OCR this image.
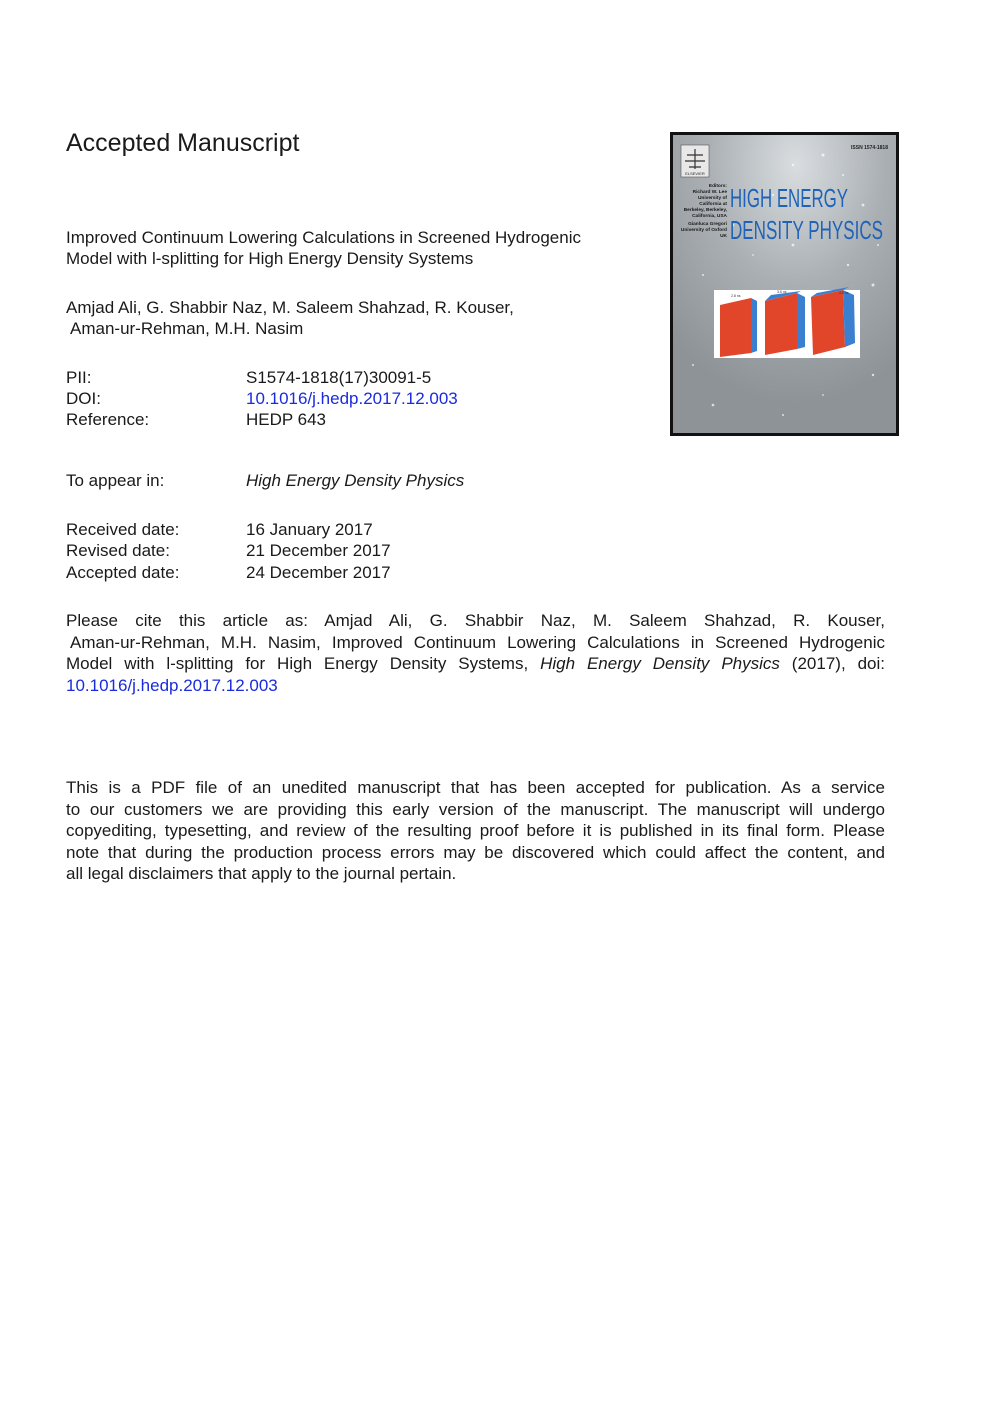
Accepted Manuscript
Improved Continuum Lowering Calculations in Screened Hydrogenic
Model with l-splitting for High Energy Density Systems
Amjad Ali, G. Shabbir Naz, M. Saleem Shahzad, R. Kouser,
Aman-ur-Rehman, M.H. Nasim
PII:	S1574-1818(17)30091-5
DOI:	10.1016/j.hedp.2017.12.003
Reference:	HEDP 643
To appear in:	High Energy Density Physics
Received date:	16 January 2017
Revised date:	21 December 2017
Accepted date:	24 December 2017
Please cite this article as: Amjad Ali, G. Shabbir Naz, M. Saleem Shahzad, R. Kouser,
Aman-ur-Rehman, M.H. Nasim, Improved Continuum Lowering Calculations in Screened Hydrogenic
Model with l-splitting for High Energy Density Systems, High Energy Density Physics (2017), doi:
10.1016/j.hedp.2017.12.003
This is a PDF file of an unedited manuscript that has been accepted for publication. As a service
to our customers we are providing this early version of the manuscript. The manuscript will undergo
copyediting, typesetting, and review of the resulting proof before it is published in its final form. Please
note that during the production process errors may be discovered which could affect the content, and
all legal disclaimers that apply to the journal pertain.
ELSEVIER
ISSN 1574-1818
Editors:
Richard W. Lee
University of
California at
Berkeley, Berkeley,
California, USA
Gianluca Gregori
University of Oxford
UK
HIGH ENERGY
DENSITY PHYSICS
2.8 ns
3.6 ns	4.8 ns
